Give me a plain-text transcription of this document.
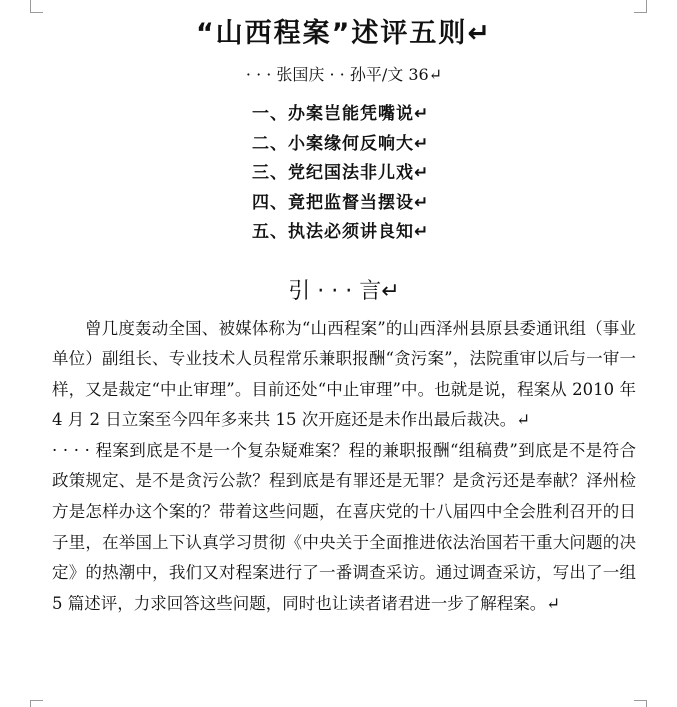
“山西程案”述评五则↵
· · · 张国庆 · · 孙平/文 36↵
一、办案岂能凭嘴说↵
二、小案缘何反响大↵
三、党纪国法非儿戏↵
四、竟把监督当摆设↵
五、执法必须讲良知↵
引 · · · 言↵

曾几度轰动全国、被媒体称为“山西程案”的山西泽州县原县委通讯组（事业单位）副组长、专业技术人员程常乐兼职报酬“贪污案”，法院重审以后与一审一样，又是裁定“中止审理”。目前还处“中止审理”中。也就是说，程案从 2010 年 4 月 2 日立案至今四年多来共 15 次开庭还是未作出最后裁决。↵

· · · · 程案到底是不是一个复杂疑难案？程的兼职报酬“组稿费”到底是不是符合政策规定、是不是贪污公款？程到底是有罪还是无罪？是贪污还是奉献？泽州检方是怎样办这个案的？带着这些问题，在喜庆党的十八届四中全会胜利召开的日子里，在举国上下认真学习贯彻《中央关于全面推进依法治国若干重大问题的决定》的热潮中，我们又对程案进行了一番调查采访。通过调查采访，写出了一组 5 篇述评，力求回答这些问题，同时也让读者诸君进一步了解程案。↵
